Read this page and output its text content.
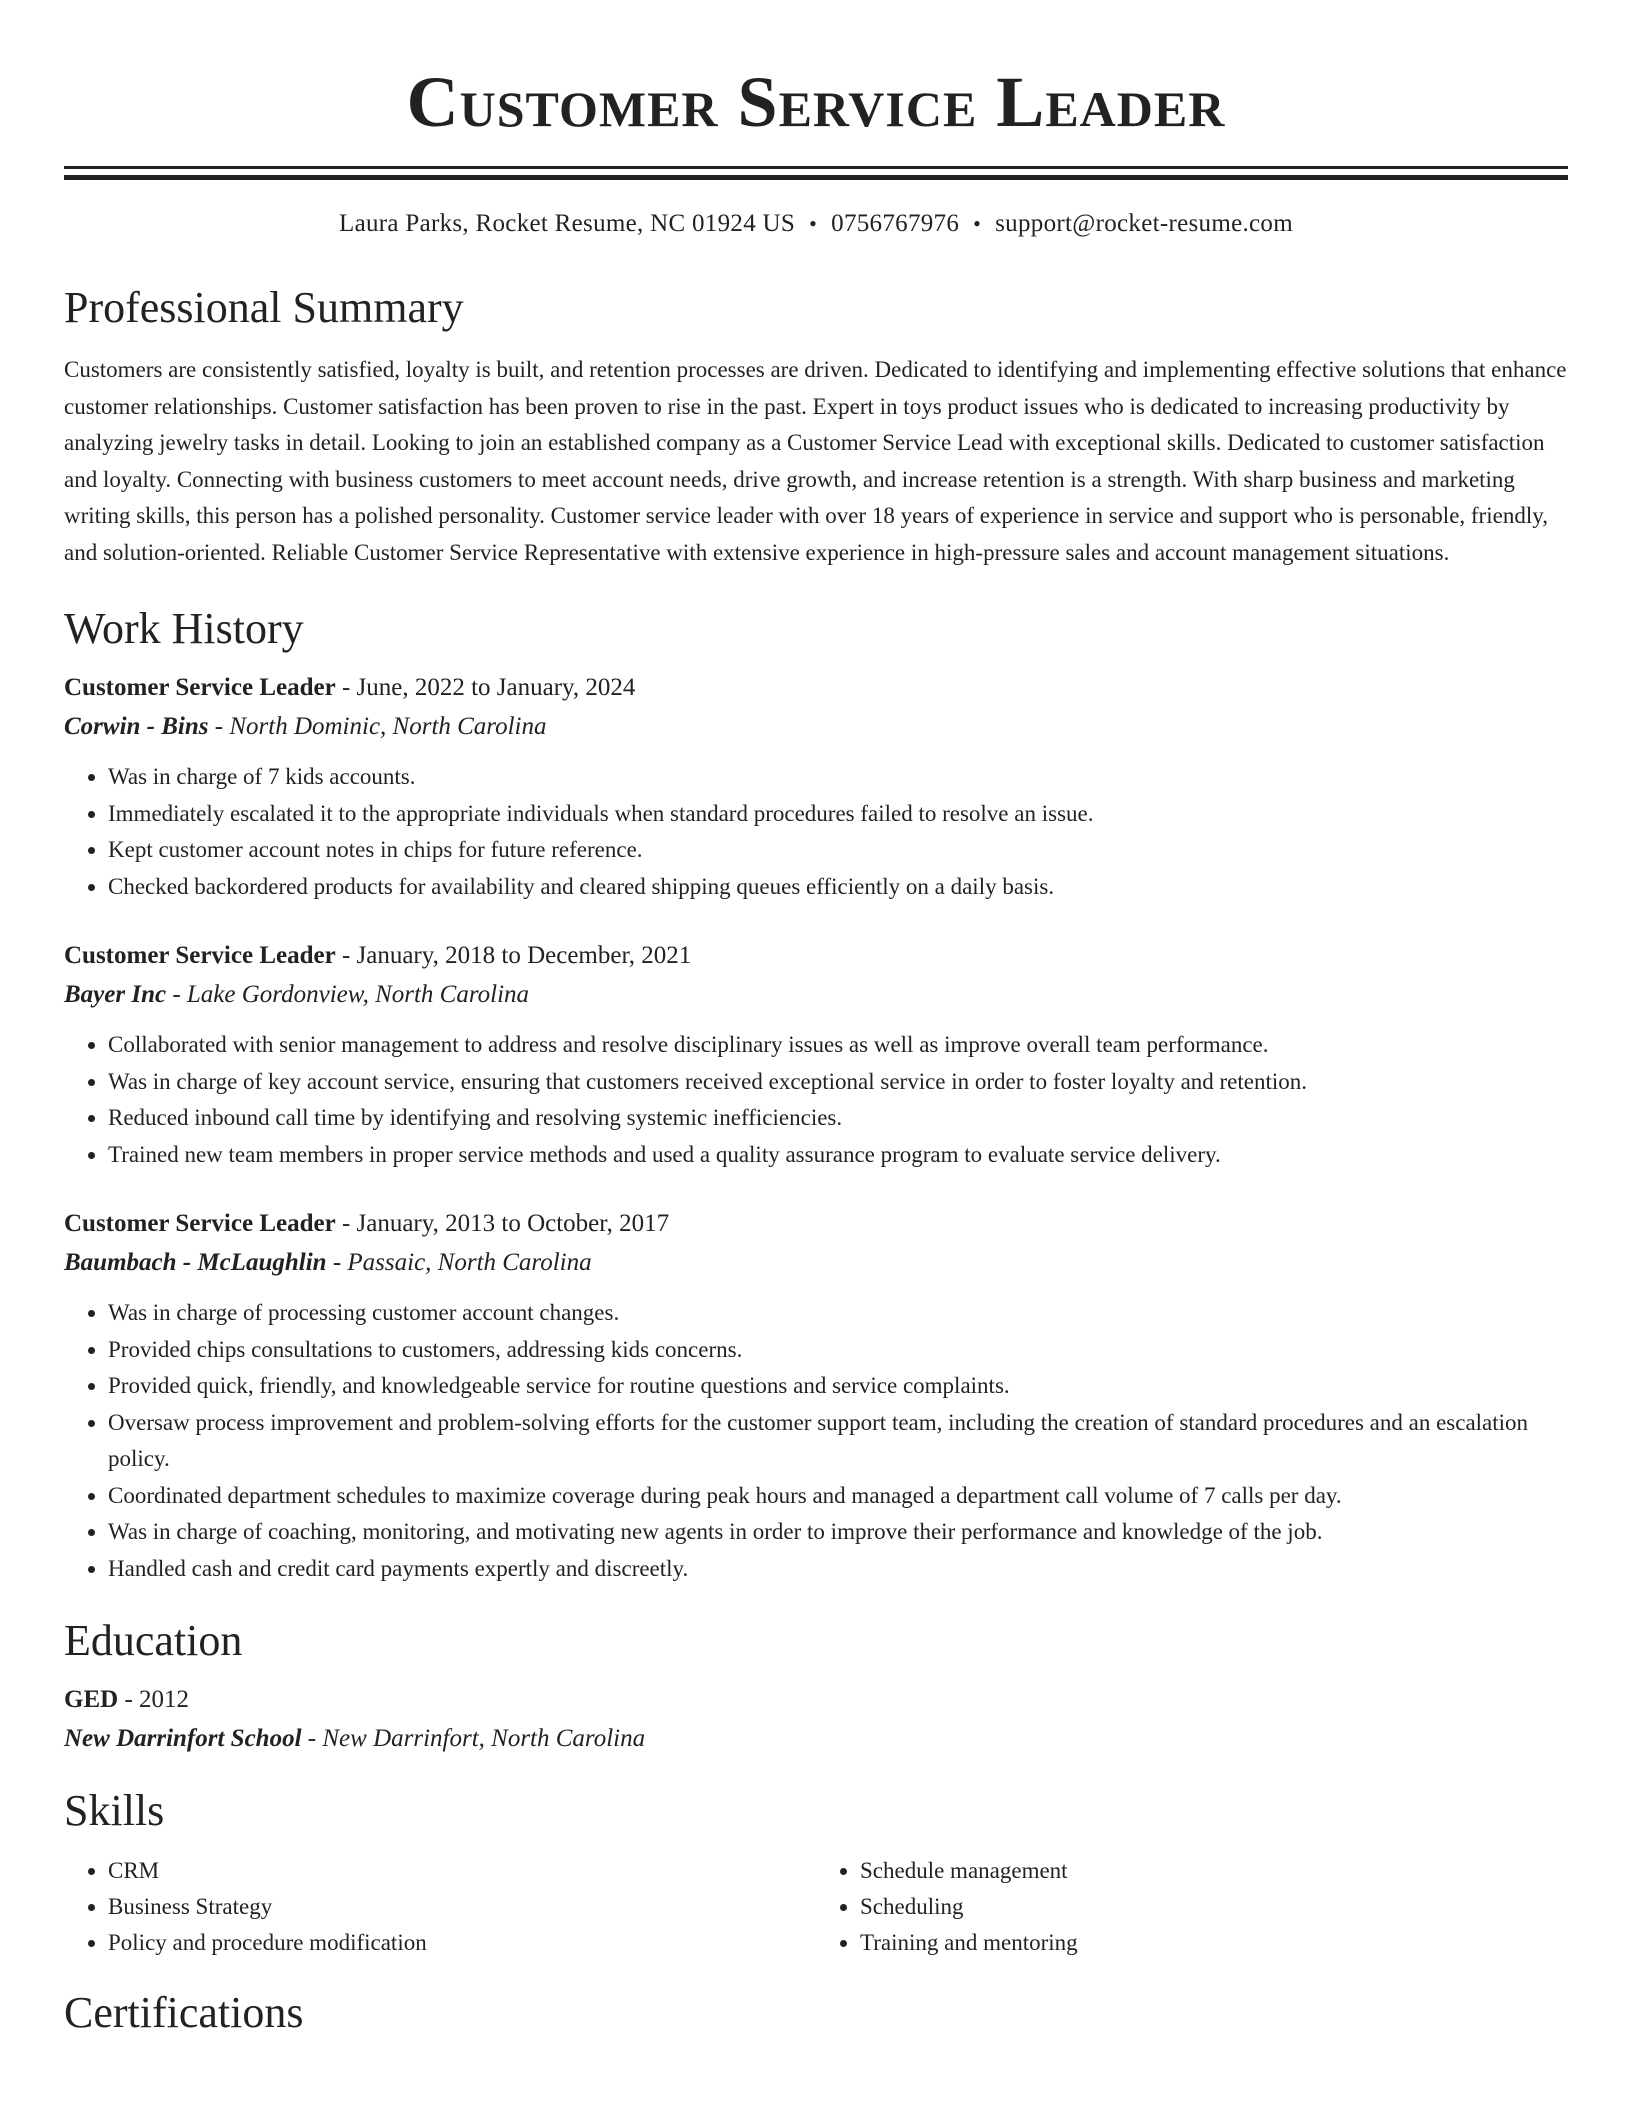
Customer Service Leader
Laura Parks, Rocket Resume, NC 01924 US • 0756767976 • support@rocket-resume.com
Professional Summary

Customers are consistently satisfied, loyalty is built, and retention processes are driven. Dedicated to identifying and implementing effective solutions that enhance customer relationships. Customer satisfaction has been proven to rise in the past. Expert in toys product issues who is dedicated to increasing productivity by analyzing jewelry tasks in detail. Looking to join an established company as a Customer Service Lead with exceptional skills. Dedicated to customer satisfaction and loyalty. Connecting with business customers to meet account needs, drive growth, and increase retention is a strength. With sharp business and marketing writing skills, this person has a polished personality. Customer service leader with over 18 years of experience in service and support who is personable, friendly, and solution-oriented. Reliable Customer Service Representative with extensive experience in high-pressure sales and account management situations.

Work History
Customer Service Leader - June, 2022 to January, 2024
Corwin - Bins - North Dominic, North Carolina
• Was in charge of 7 kids accounts.
• Immediately escalated it to the appropriate individuals when standard procedures failed to resolve an issue.
• Kept customer account notes in chips for future reference.
• Checked backordered products for availability and cleared shipping queues efficiently on a daily basis.
Customer Service Leader - January, 2018 to December, 2021
Bayer Inc - Lake Gordonview, North Carolina
• Collaborated with senior management to address and resolve disciplinary issues as well as improve overall team performance.
• Was in charge of key account service, ensuring that customers received exceptional service in order to foster loyalty and retention.
• Reduced inbound call time by identifying and resolving systemic inefficiencies.
• Trained new team members in proper service methods and used a quality assurance program to evaluate service delivery.
Customer Service Leader - January, 2013 to October, 2017
Baumbach - McLaughlin - Passaic, North Carolina
• Was in charge of processing customer account changes.
• Provided chips consultations to customers, addressing kids concerns.
• Provided quick, friendly, and knowledgeable service for routine questions and service complaints.
• Oversaw process improvement and problem-solving efforts for the customer support team, including the creation of standard procedures and an escalation policy.
• Coordinated department schedules to maximize coverage during peak hours and managed a department call volume of 7 calls per day.
• Was in charge of coaching, monitoring, and motivating new agents in order to improve their performance and knowledge of the job.
• Handled cash and credit card payments expertly and discreetly.
Education
GED - 2012
New Darrinfort School - New Darrinfort, North Carolina
Skills
• CRM
• Business Strategy
• Policy and procedure modification
• Schedule management
• Scheduling
• Training and mentoring
Certifications
